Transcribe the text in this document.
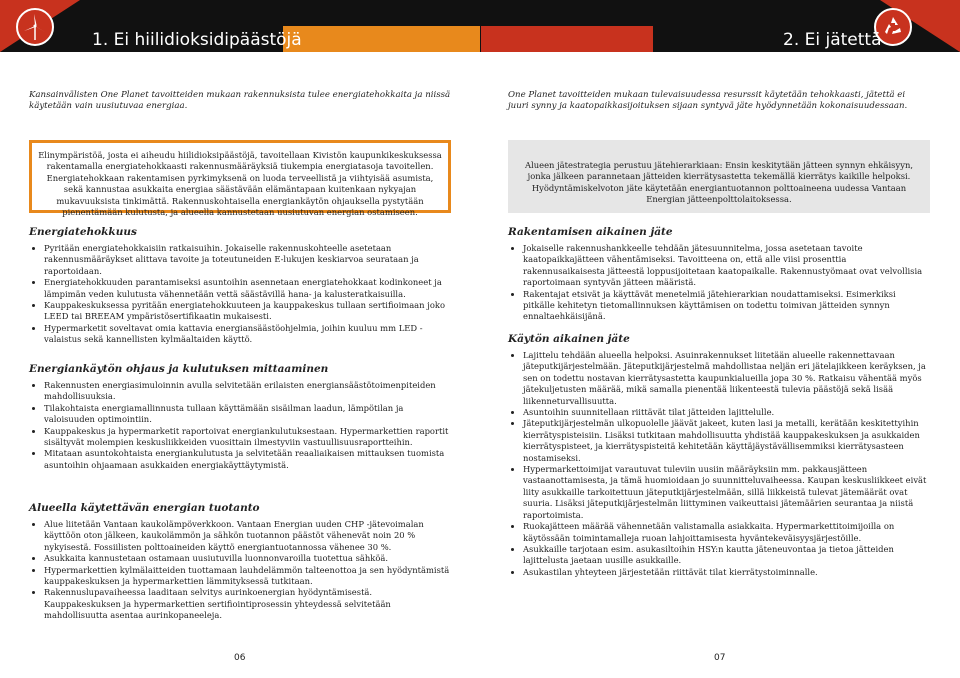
1. Ei hiilidioksidipäästöjä	2. Ei jätettä
Kansainvälisten One Planet tavoitteiden mukaan rakennuksista tulee energiatehokkaita ja niissä käytetään vain uusiutuvaa energiaa.
Elinympäristöä, josta ei aiheudu hiilidioksipäästöjä, tavoitellaan Kivistön kaupunkikeskuksessa rakentamalla energiatehokkaasti rakennusmääräyksiä tiukempia energiatasoja tavoitellen. Energiatehokkaan rakentamisen pyrkimyksenä on luoda terveellistä ja viihtyisää asumista, sekä kannustaa asukkaita energiaa säästävään elämäntapaan kuitenkaan nykyajan mukavuuksista tinkimättä. Rakennuskohtaisella energiankäytön ohjauksella pystytään pienentämään kulutusta, ja alueella kannustetaan uusiutuvan energian ostamiseen.
Energiatehokkuus
• Pyritään energiatehokkaisiin ratkaisuihin. Jokaiselle rakennuskohteelle asetetaan rakennusmääräykset alittava tavoite ja toteutuneiden E-lukujen keskiarvoa seurataan ja raportoidaan.
• Energiatehokkuuden parantamiseksi asuntoihin asennetaan energiatehokkaat kodinkoneet ja lämpimän veden kulutusta vähennetään vettä säästävillä hana- ja kalusteratkaisuilla.
• Kauppakeskuksessa pyritään energiatehokkuuteen ja kauppakeskus tullaan sertifioimaan joko LEED tai BREEAM ympäristösertifikaatin mukaisesti.
• Hypermarketit soveltavat omia kattavia energiansäästöohjelmia, joihin kuuluu mm LED -valaistus sekä kannellisten kylmäaltaiden käyttö.
Energiankäytön ohjaus ja kulutuksen mittaaminen
• Rakennusten energiasimuloinnin avulla selvitetään erilaisten energiansäästötoimenpiteiden mahdollisuuksia.
• Tilakohtaista energiamallinnusta tullaan käyttämään sisäilman laadun, lämpötilan ja valoisuuden optimointiin.
• Kauppakeskus ja hypermarketit raportoivat energiankulutuksestaan. Hypermarkettien raportit sisältyvät molempien keskusliikkeiden vuosittain ilmestyviin vastuullisuusraportteihin.
• Mitataan asuntokohtaista energiankulutusta ja selvitetään reaaliaikaisen mittauksen tuomista asuntoihin ohjaamaan asukkaiden energiakäyttäytymistä.
Alueella käytettävän energian tuotanto
• Alue liitetään Vantaan kaukolämpöverkkoon. Vantaan Energian uuden CHP -jätevoimalan käyttöön oton jälkeen, kaukolämmön ja sähkön tuotannon päästöt vähenevät noin 20 % nykyisestä. Fossiilisten polttoaineiden käyttö energiantuotannossa vähenee 30 %.
• Asukkaita kannustetaan ostamaan uusiutuvilla luonnonvaroilla tuotettua sähköä.
• Hypermarkettien kylmälaitteiden tuottamaan lauhdelämmön talteenottoa ja sen hyödyntämistä kauppakeskuksen ja hypermarkettien lämmityksessä tutkitaan.
• Rakennuslupavaiheessa laaditaan selvitys aurinkoenergian hyödyntämisestä. Kauppakeskuksen ja hypermarkettien sertifiointiprosessin yhteydessä selvitetään mahdollisuutta asentaa aurinkopaneeleja.
06
One Planet tavoitteiden mukaan tulevaisuudessa resurssit käytetään tehokkaasti, jätettä ei juuri synny ja kaatopaikkasijoituksen sijaan syntyvä jäte hyödynnetään kokonaisuudessaan.
Alueen jätestrategia perustuu jätehierarkiaan: Ensin keskitytään jätteen synnyn ehkäisyyn, jonka jälkeen parannetaan jätteiden kierrätysastetta tekemällä kierrätys kaikille helpoksi. Hyödyntämiskelvoton jäte käytetään energiantuotannon polttoaineena uudessa Vantaan Energian jätteenpolttolaitoksessa.
Rakentamisen aikainen jäte
• Jokaiselle rakennushankkeelle tehdään jätesuunnitelma, jossa asetetaan tavoite kaatopaikkajätteen vähentämiseksi. Tavoitteena on, että alle viisi prosenttia rakennusaikaisesta jätteestä loppusijoitetaan kaatopaikalle. Rakennustyömaat ovat velvollisia raportoimaan syntyvän jätteen määristä.
• Rakentajat etsivät ja käyttävät menetelmiä jätehierarkian noudattamiseksi. Esimerkiksi pitkälle kehitetyn tietomallinnuksen käyttämisen on todettu toimivan jätteiden synnyn ennaltaehkäisijänä.
Käytön aikainen jäte
• Lajittelu tehdään alueella helpoksi. Asuinrakennukset liitetään alueelle rakennettavaan jäteputkijärjestelmään. Jäteputkijärjestelmä mahdollistaa neljän eri jätelajikkeen keräyksen, ja sen on todettu nostavan kierrätysastetta kaupunkialueilla jopa 30 %. Ratkaisu vähentää myös jätekuljetusten määrää, mikä samalla pienentää liikenteestä tulevia päästöjä sekä lisää liikenneturvallisuutta.
• Asuntoihin suunnitellaan riittävät tilat jätteiden lajittelulle.
• Jäteputkijärjestelmän ulkopuolelle jäävät jakeet, kuten lasi ja metalli, kerätään keskitettyihin kierrätyspisteisiin. Lisäksi tutkitaan mahdollisuutta yhdistää kauppakeskuksen ja asukkaiden kierrätyspisteet, ja kierrätyspisteitä kehitetään käyttäjäystävällisemmiksi kierrätysasteen nostamiseksi.
• Hypermarkettoimijat varautuvat tuleviin uusiin määräyksiin mm. pakkausjätteen vastaanottamisesta, ja tämä huomioidaan jo suunnitteluvaiheessa. Kaupan keskusliikkeet eivät liity asukkaille tarkoitettuun jäteputkijärjestelmään, sillä liikkeistä tulevat jätemäärät ovat suuria. Lisäksi jäteputkijärjestelmän liittyminen vaikeuttaisi jätemäärien seurantaa ja niistä raportoimista.
• Ruokajätteen määrää vähennetään valistamalla asiakkaita. Hypermarkettitoimijoilla on käytössään toimintamalleja ruoan lahjoittamisesta hyväntekeväisyysjärjestöille.
• Asukkaille tarjotaan esim. asukasiltoihin HSY:n kautta jäteneuvontaa ja tietoa jätteiden lajittelusta jaetaan uusille asukkaille.
• Asukastilan yhteyteen järjestetään riittävät tilat kierrätystoiminnalle.
07
